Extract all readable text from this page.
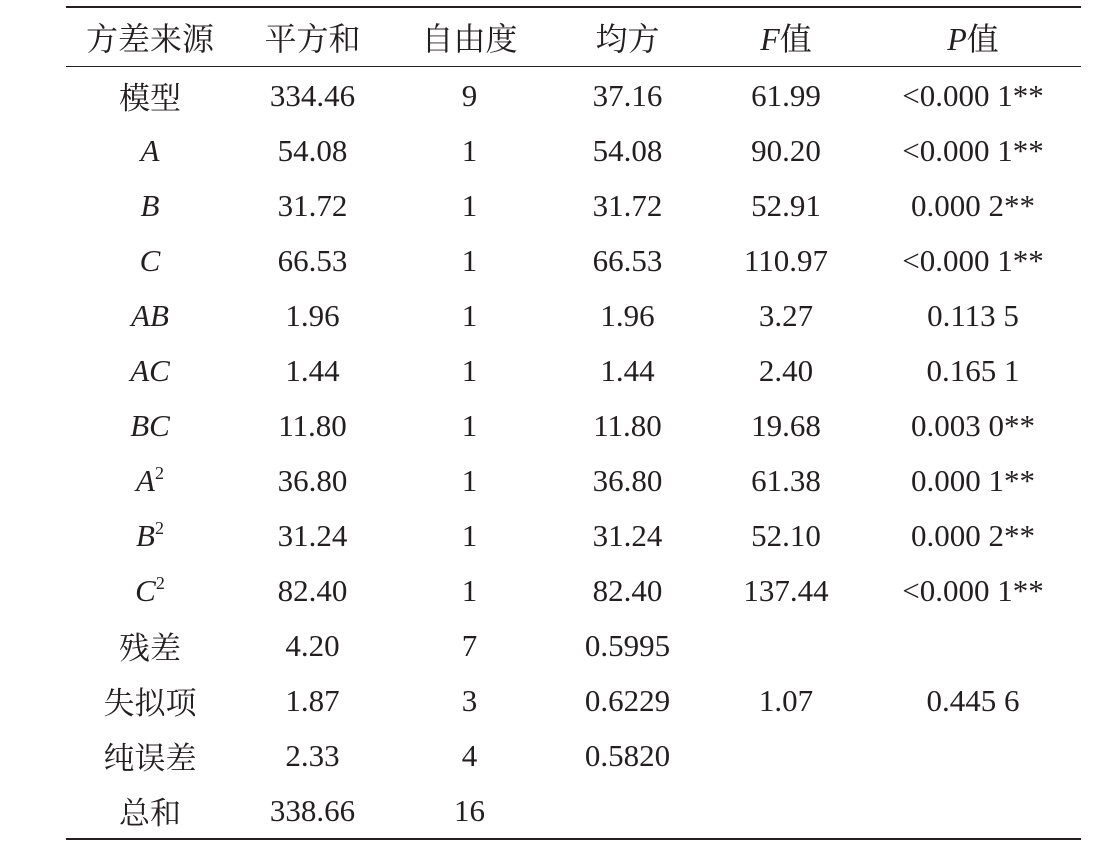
方差来源	平方和	自由度	均方	F值	P值
模型	334.46	9	37.16	61.99	<0.000 1**
A	54.08	1	54.08	90.20	<0.000 1**
B	31.72	1	31.72	52.91	0.000 2**
C	66.53	1	66.53	110.97	<0.000 1**
AB	1.96	1	1.96	3.27	0.113 5
AC	1.44	1	1.44	2.40	0.165 1
BC	11.80	1	11.80	19.68	0.003 0**
$A^2$	36.80	1	36.80	61.38	0.000 1**
$B^2$	31.24	1	31.24	52.10	0.000 2**
$C^2$	82.40	1	82.40	137.44	<0.000 1**
残差	4.20	7	0.5995		
失拟项	1.87	3	0.6229	1.07	0.445 6
纯误差	2.33	4	0.5820		
总和	338.66	16			
